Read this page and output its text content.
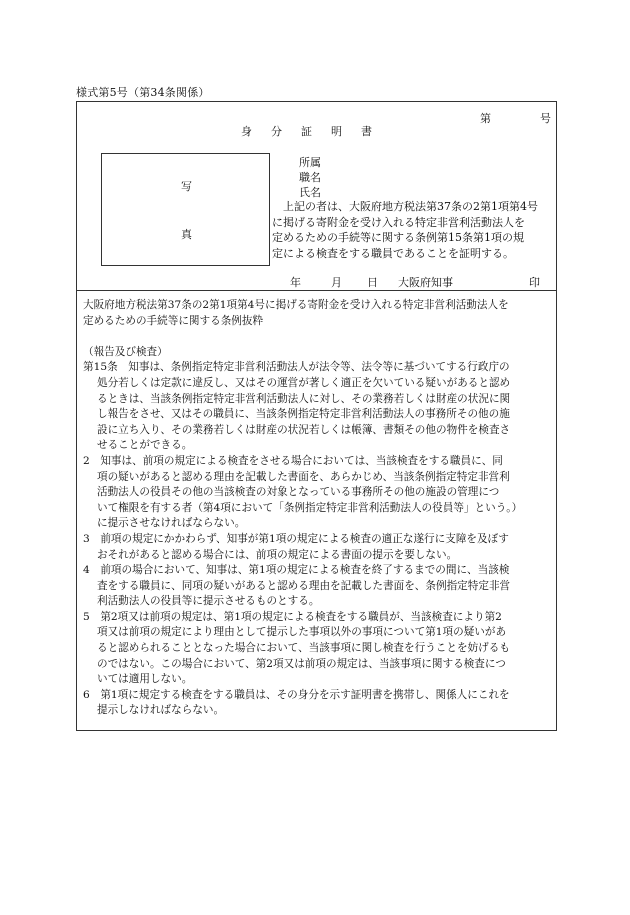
様式第5号（第34条関係）
第	号
身	分	証	明	書
写
真
所属
職名
氏名
上記の者は、大阪府地方税法第37条の2第1項第4号
に掲げる寄附金を受け入れる特定非営利活動法人を
定めるための手続等に関する条例第15条第1項の規
定による検査をする職員であることを証明する。
年	月 日 大阪府知事	印
大阪府地方税法第37条の2第1項第4号に掲げる寄附金を受け入れる特定非営利活動法人を
定めるための手続等に関する条例抜粋
（報告及び検査）
第15条　知事は、条例指定特定非営利活動法人が法令等、法令等に基づいてする行政庁の
処分若しくは定款に違反し、又はその運営が著しく適正を欠いている疑いがあると認め
るときは、当該条例指定特定非営利活動法人に対し、その業務若しくは財産の状況に関
し報告をさせ、又はその職員に、当該条例指定特定非営利活動法人の事務所その他の施
設に立ち入り、その業務若しくは財産の状況若しくは帳簿、書類その他の物件を検査さ
せることができる。
2　知事は、前項の規定による検査をさせる場合においては、当該検査をする職員に、同
項の疑いがあると認める理由を記載した書面を、あらかじめ、当該条例指定特定非営利
活動法人の役員その他の当該検査の対象となっている事務所その他の施設の管理につ
いて権限を有する者（第4項において「条例指定特定非営利活動法人の役員等」という。）
に提示させなければならない。
3　前項の規定にかかわらず、知事が第1項の規定による検査の適正な遂行に支障を及ぼす
おそれがあると認める場合には、前項の規定による書面の提示を要しない。
4　前項の場合において、知事は、第1項の規定による検査を終了するまでの間に、当該検
査をする職員に、同項の疑いがあると認める理由を記載した書面を、条例指定特定非営
利活動法人の役員等に提示させるものとする。
5　第2項又は前項の規定は、第1項の規定による検査をする職員が、当該検査により第2
項又は前項の規定により理由として提示した事項以外の事項について第1項の疑いがあ
ると認められることとなった場合において、当該事項に関し検査を行うことを妨げるも
のではない。この場合において、第2項又は前項の規定は、当該事項に関する検査につ
いては適用しない。
6　第1項に規定する検査をする職員は、その身分を示す証明書を携帯し、関係人にこれを
提示しなければならない。
